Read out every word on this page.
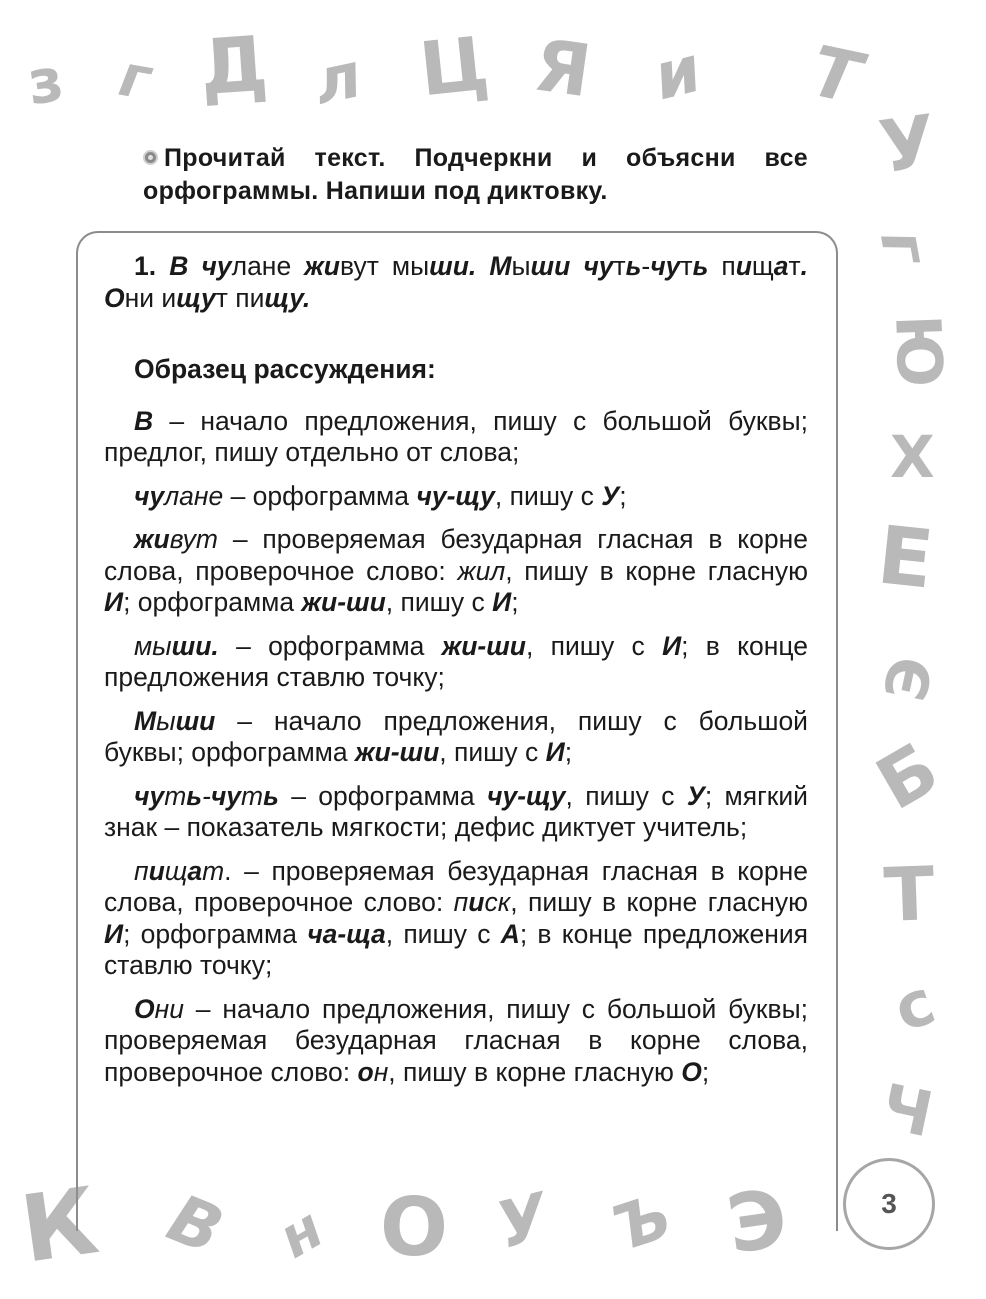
з г Д л Ц Я и Т
У
г
Ю
Х
Е
Э
Б
Т
с
Ч
К В н О У Ъ Э
Прочитай текст. Подчеркни и объясни все орфограммы. Напиши под диктовку.

1. В чулане живут мыши. Мыши чуть-чуть пищат. Они ищут пищу.

Образец рассуждения:

В – начало предложения, пишу с большой буквы; предлог, пишу отдельно от слова;

чулане – орфограмма чу-щу, пишу с У;

живут – проверяемая безударная гласная в корне слова, проверочное слово: жил, пишу в корне гласную И; орфограмма жи-ши, пишу с И;

мыши. – орфограмма жи-ши, пишу с И; в конце предложения ставлю точку;

Мыши – начало предложения, пишу с большой буквы; орфограмма жи-ши, пишу с И;

чуть-чуть – орфограмма чу-щу, пишу с У; мягкий знак – показатель мягкости; дефис диктует учитель;

пищат. – проверяемая безударная гласная в корне слова, проверочное слово: писк, пишу в корне гласную И; орфограмма ча-ща, пишу с А; в конце предложения ставлю точку;

Они – начало предложения, пишу с большой буквы; проверяемая безударная гласная в корне слова, проверочное слово: он, пишу в корне гласную О;

3
